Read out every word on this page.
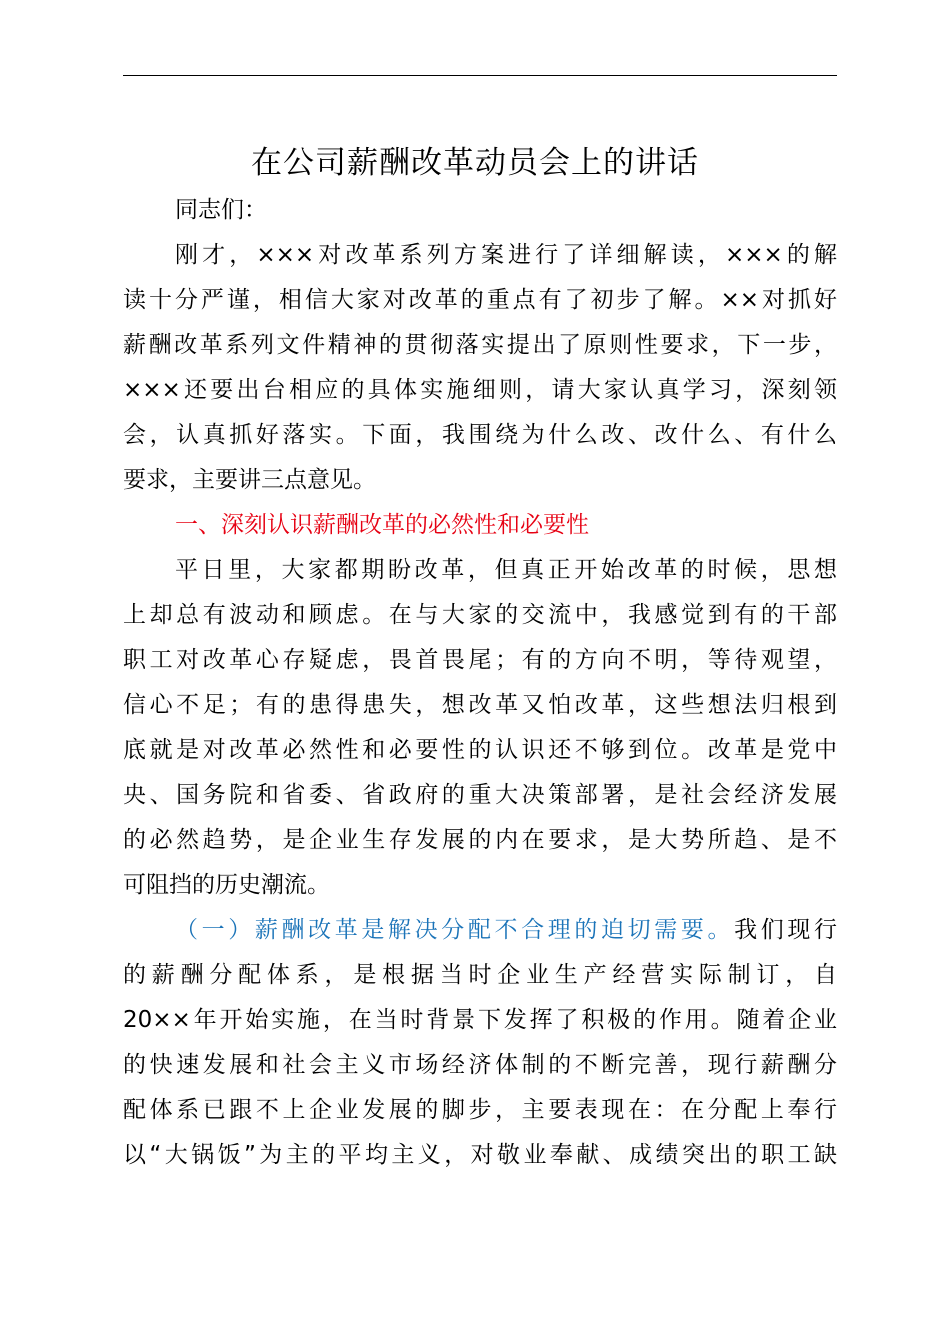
在公司薪酬改革动员会上的讲话

同志们：

刚才，×××对改革系列方案进行了详细解读，×××的解
读十分严谨，相信大家对改革的重点有了初步了解。××对抓好
薪酬改革系列文件精神的贯彻落实提出了原则性要求，下一步，
×××还要出台相应的具体实施细则，请大家认真学习，深刻领
会，认真抓好落实。下面，我围绕为什么改、改什么、有什么
要求，主要讲三点意见。

一、深刻认识薪酬改革的必然性和必要性

平日里，大家都期盼改革，但真正开始改革的时候，思想
上却总有波动和顾虑。在与大家的交流中，我感觉到有的干部
职工对改革心存疑虑，畏首畏尾；有的方向不明，等待观望，
信心不足；有的患得患失，想改革又怕改革，这些想法归根到
底就是对改革必然性和必要性的认识还不够到位。改革是党中
央、国务院和省委、省政府的重大决策部署，是社会经济发展
的必然趋势，是企业生存发展的内在要求，是大势所趋、是不
可阻挡的历史潮流。
（一）薪酬改革是解决分配不合理的迫切需要。我们现行
的薪酬分配体系，是根据当时企业生产经营实际制订，自
20××年开始实施，在当时背景下发挥了积极的作用。随着企业
的快速发展和社会主义市场经济体制的不断完善，现行薪酬分
配体系已跟不上企业发展的脚步，主要表现在：在分配上奉行
以“大锅饭”为主的平均主义，对敬业奉献、成绩突出的职工缺
